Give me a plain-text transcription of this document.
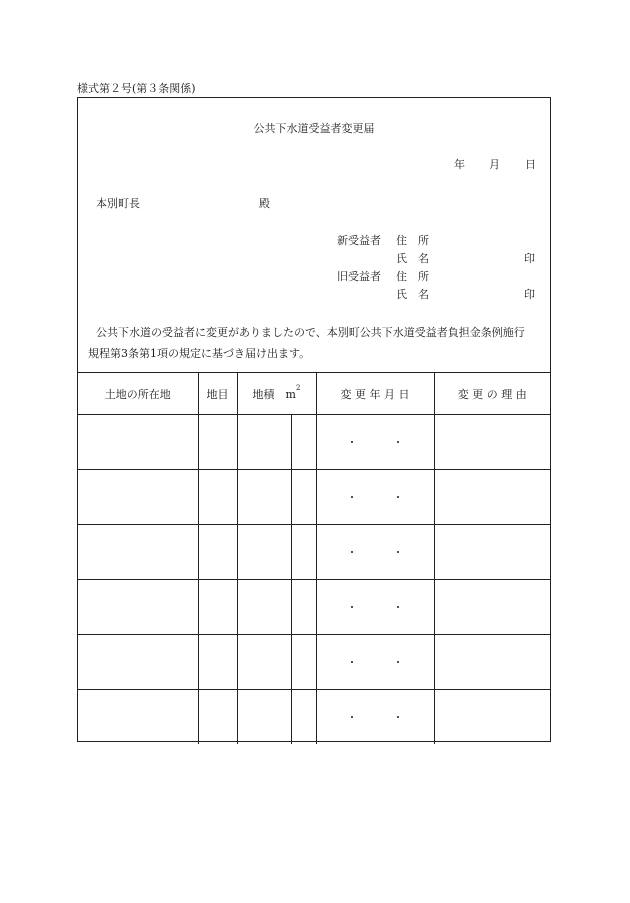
様式第２号(第３条関係)
公共下水道受益者変更届
年 月 日
本別町長	殿
新受益者 住　所
氏　名	印
旧受益者 住　所
氏　名	印
公共下水道の受益者に変更がありましたので、本別町公共下水道受益者負担金条例施行
規程第3条第1項の規定に基づき届け出ます。
土地の所在地	地目	地積　 $m^2$		変 更 年 月 日	変 更 の 理 由

				・ ・	

				・ ・	

				・ ・	

				・ ・	

				・ ・	

				・ ・	
